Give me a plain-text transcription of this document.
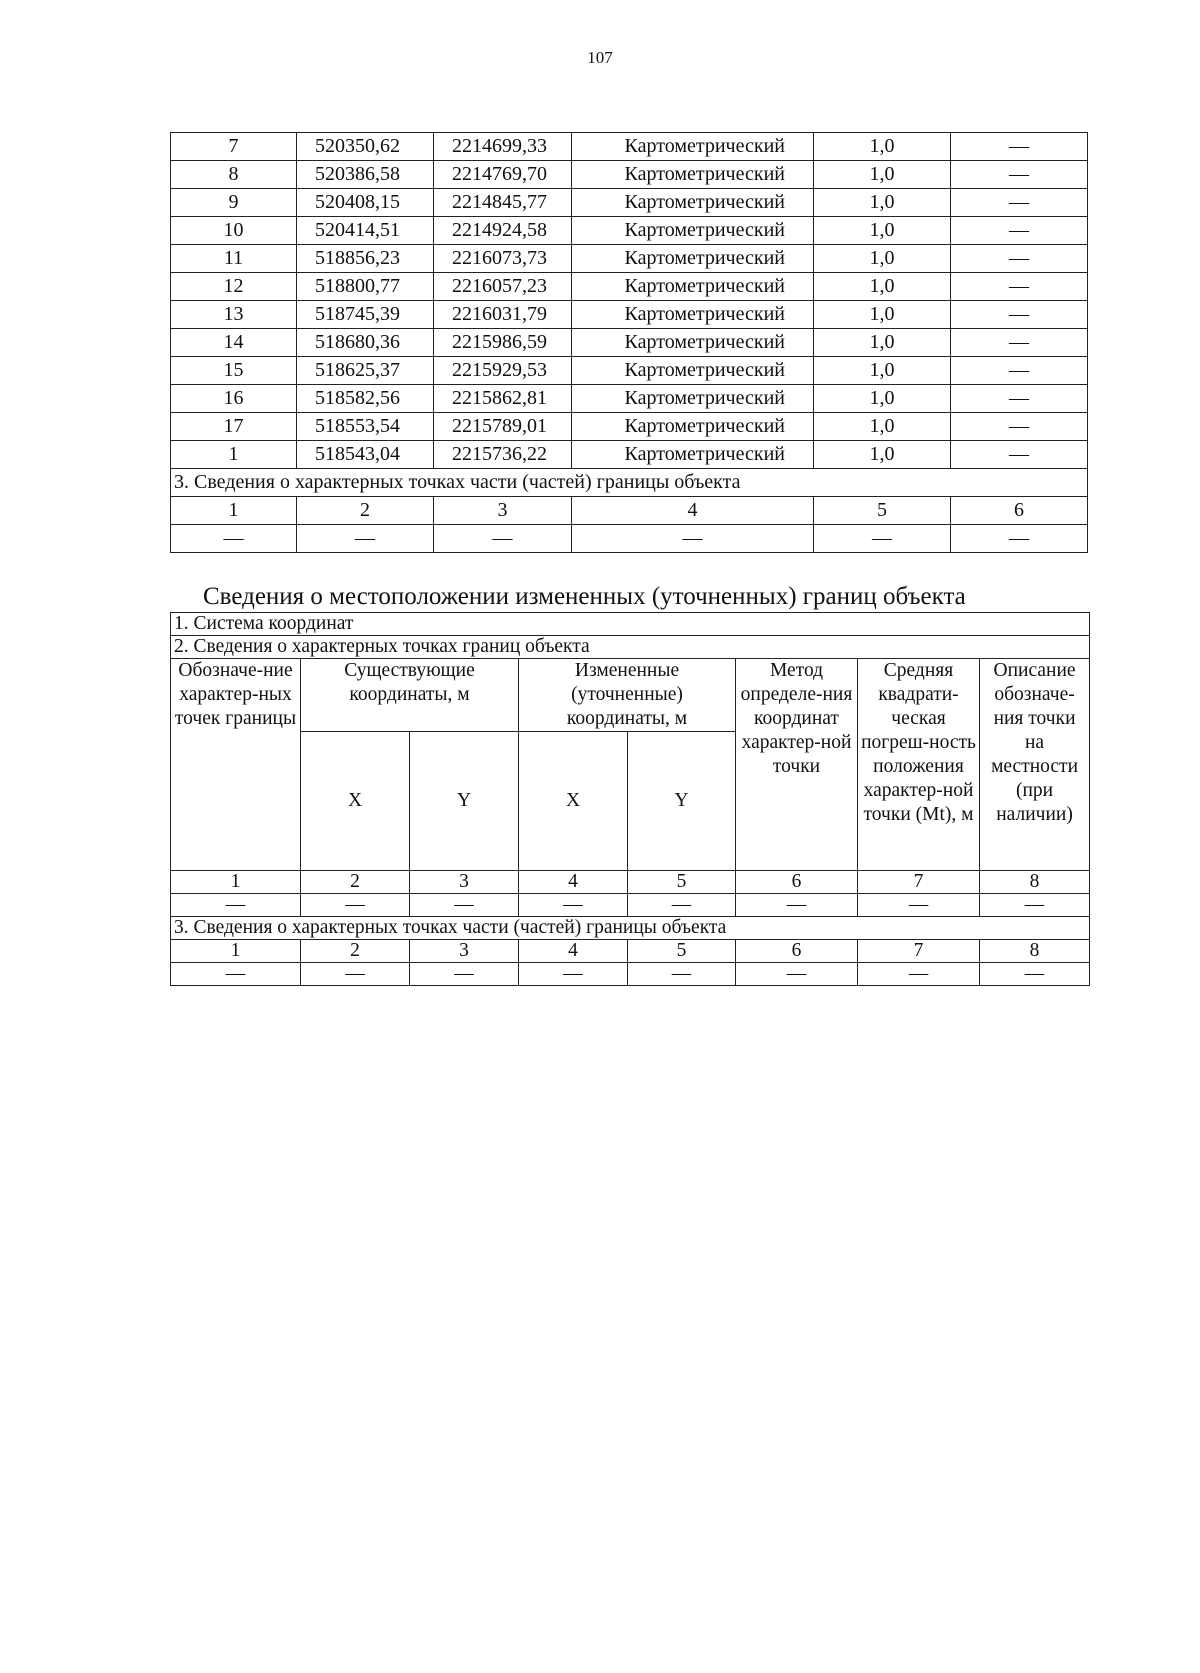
107
7	520350,62	2214699,33	Картометрический	1,0	—
8	520386,58	2214769,70	Картометрический	1,0	—
9	520408,15	2214845,77	Картометрический	1,0	—
10	520414,51	2214924,58	Картометрический	1,0	—
11	518856,23	2216073,73	Картометрический	1,0	—
12	518800,77	2216057,23	Картометрический	1,0	—
13	518745,39	2216031,79	Картометрический	1,0	—
14	518680,36	2215986,59	Картометрический	1,0	—
15	518625,37	2215929,53	Картометрический	1,0	—
16	518582,56	2215862,81	Картометрический	1,0	—
17	518553,54	2215789,01	Картометрический	1,0	—
1	518543,04	2215736,22	Картометрический	1,0	—
3. Сведения о характерных точках части (частей) границы объекта					
1	2	3	4	5	6
—	—	—	—	—	—
Сведения о местоположении измененных (уточненных) границ объекта
1. Система координат							
2. Сведения о характерных точках границ объекта							
Обозначе-ние характер-ных точек границы	Существующие координаты, м		Измененные (уточненные) координаты, м		Метод определе-ния координат характер-ной точки	Средняя квадрати-ческая погреш-ность положения характер-ной точки (Mt), м	Описание обозначе-ния точки на местности (при наличии)
	X	Y	X	Y			
1	2	3	4	5	6	7	8
—	—	—	—	—	—	—	—
3. Сведения о характерных точках части (частей) границы объекта							
1	2	3	4	5	6	7	8
—	—	—	—	—	—	—	—
